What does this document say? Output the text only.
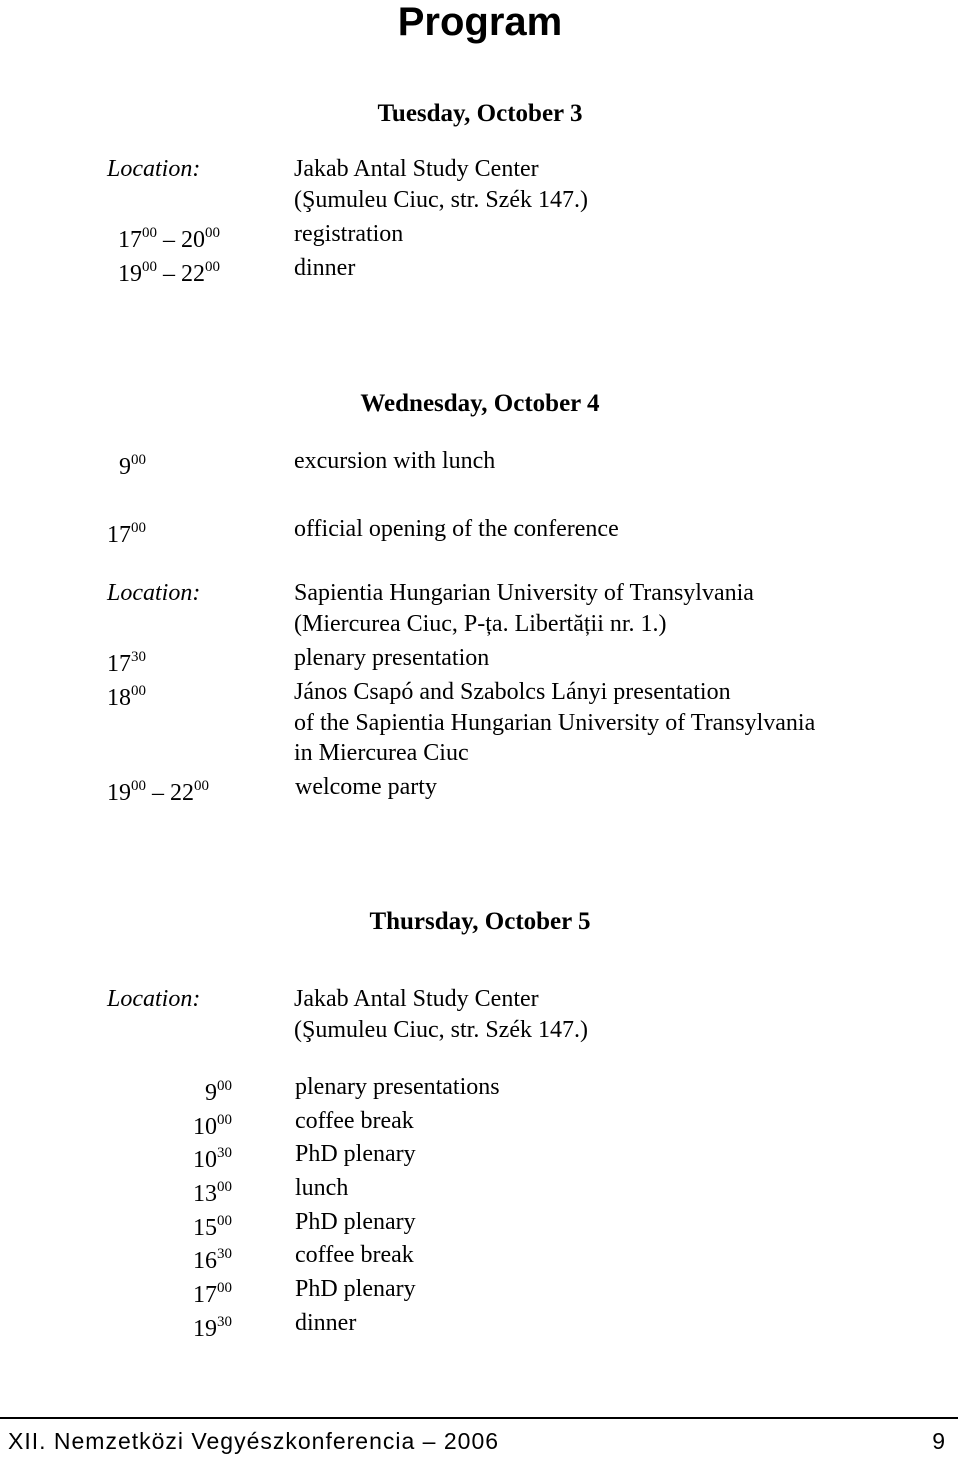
Program
Tuesday, October 3
Location:	Jakab Antal Study Center
(Şumuleu Ciuc, str. Szék 147.)
$17^{00} - 20^{00}$	registration
$19^{00} - 22^{00}$	dinner
Wednesday, October 4
$9^{00}$	excursion with lunch
$17^{00}$	official opening of the conference
Location:	Sapientia Hungarian University of Transylvania
(Miercurea Ciuc, P-ța. Libertății nr. 1.)
$17^{30}$	plenary presentation
$18^{00}$	János Csapó and Szabolcs Lányi presentation
of the Sapientia Hungarian University of Transylvania
in Miercurea Ciuc
$19^{00} - 22^{00}$	welcome party
Thursday, October 5
Location:	Jakab Antal Study Center
(Şumuleu Ciuc, str. Szék 147.)
$9^{00}$	plenary presentations
$10^{00}$	coffee break
$10^{30}$	PhD plenary
$13^{00}$	lunch
$15^{00}$	PhD plenary
$16^{30}$	coffee break
$17^{00}$	PhD plenary
$19^{30}$	dinner
XII. Nemzetközi Vegyészkonferencia – 2006	9
